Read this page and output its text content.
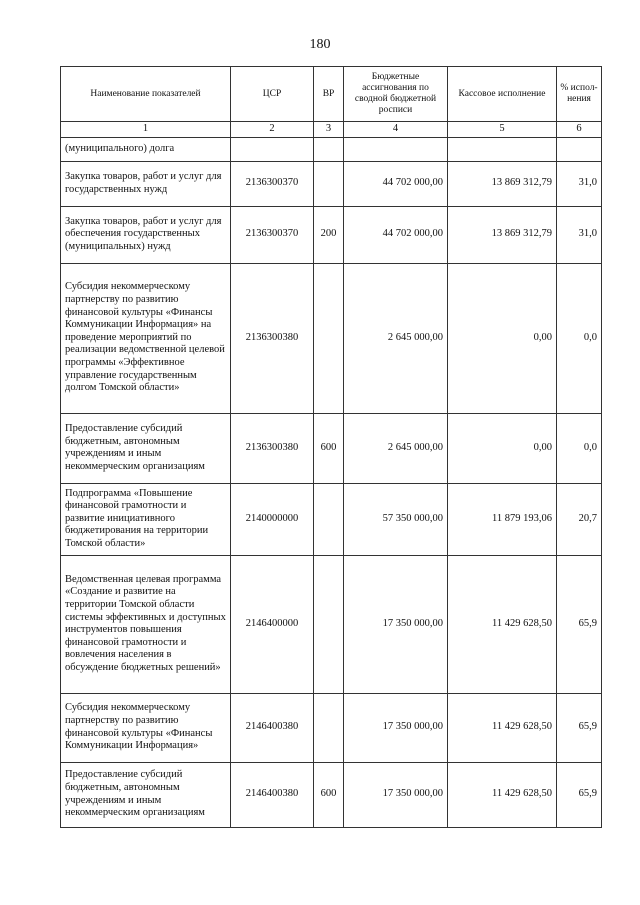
180
Наименование показателей	ЦСР	ВР	Бюджетные ассигнования по сводной бюджетной росписи	Кассовое исполнение	% испол-нения
1	2	3	4	5	6
(муниципального) долга					
Закупка товаров, работ и услуг для государственных нужд	2136300370		44 702 000,00	13 869 312,79	31,0
Закупка товаров, работ и услуг для обеспечения государственных (муниципальных) нужд	2136300370	200	44 702 000,00	13 869 312,79	31,0
Субсидия некоммерческому партнерству по развитию финансовой культуры «Финансы Коммуникации Информация» на проведение мероприятий по реализации ведомственной целевой программы «Эффективное управление государственным долгом Томской области»	2136300380		2 645 000,00	0,00	0,0
Предоставление субсидий бюджетным, автономным учреждениям и иным некоммерческим организациям	2136300380	600	2 645 000,00	0,00	0,0
Подпрограмма «Повышение финансовой грамотности и развитие инициативного бюджетирования на территории Томской области»	2140000000		57 350 000,00	11 879 193,06	20,7
Ведомственная целевая программа «Создание и развитие на территории Томской области системы эффективных и доступных инструментов повышения финансовой грамотности и вовлечения населения в обсуждение бюджетных решений»	2146400000		17 350 000,00	11 429 628,50	65,9
Субсидия некоммерческому партнерству по развитию финансовой культуры «Финансы Коммуникации Информация»	2146400380		17 350 000,00	11 429 628,50	65,9
Предоставление субсидий бюджетным, автономным учреждениям и иным некоммерческим организациям	2146400380	600	17 350 000,00	11 429 628,50	65,9
